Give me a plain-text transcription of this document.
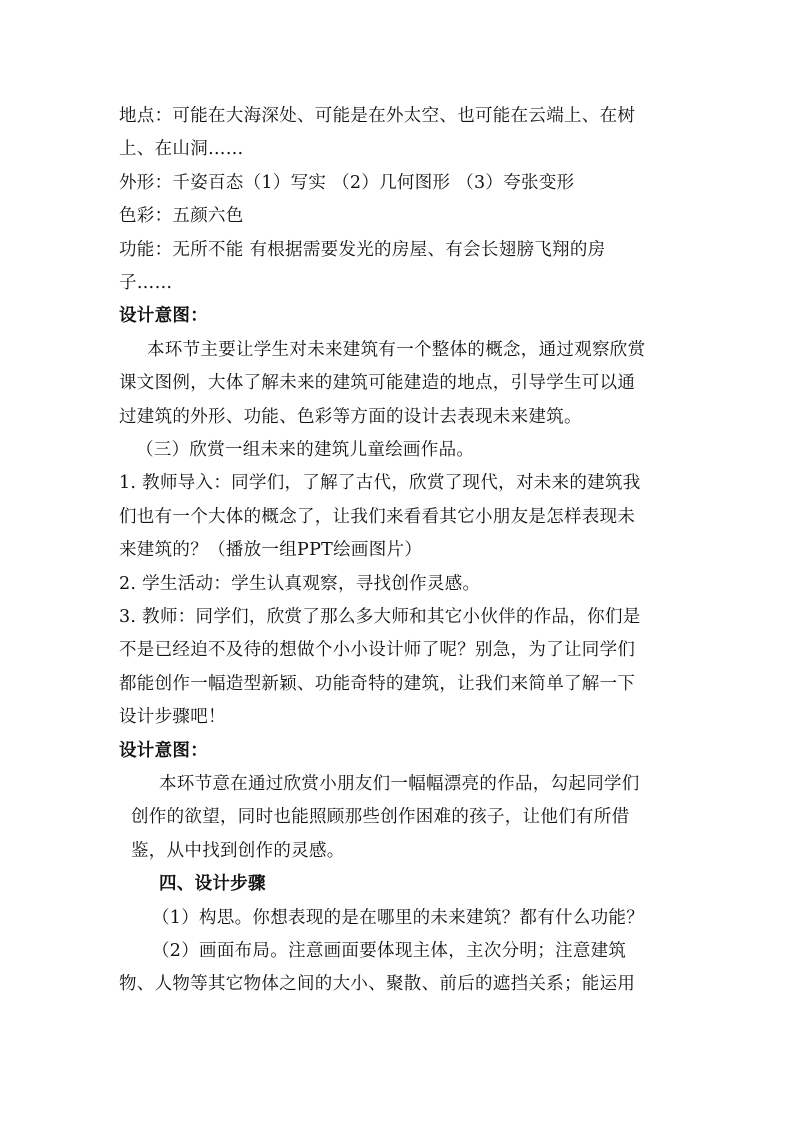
地点：可能在大海深处、可能是在外太空、也可能在云端上、在树
上、在山洞……
外形：千姿百态（1）写实 （2）几何图形 （3）夸张变形
色彩：五颜六色
功能：无所不能 有根据需要发光的房屋、有会长翅膀飞翔的房
子……
设计意图：
本环节主要让学生对未来建筑有一个整体的概念，通过观察欣赏
课文图例，大体了解未来的建筑可能建造的地点，引导学生可以通
过建筑的外形、功能、色彩等方面的设计去表现未来建筑。
（三）欣赏一组未来的建筑儿童绘画作品。
1. 教师导入：同学们，了解了古代，欣赏了现代，对未来的建筑我
们也有一个大体的概念了，让我们来看看其它小朋友是怎样表现未
来建筑的？（播放一组PPT绘画图片）
2. 学生活动：学生认真观察，寻找创作灵感。
3. 教师：同学们，欣赏了那么多大师和其它小伙伴的作品，你们是
不是已经迫不及待的想做个小小设计师了呢？别急，为了让同学们
都能创作一幅造型新颖、功能奇特的建筑，让我们来简单了解一下
设计步骤吧！
设计意图：
本环节意在通过欣赏小朋友们一幅幅漂亮的作品，勾起同学们
创作的欲望，同时也能照顾那些创作困难的孩子，让他们有所借
鉴，从中找到创作的灵感。
四、设计步骤
（1）构思。你想表现的是在哪里的未来建筑？都有什么功能？
（2）画面布局。注意画面要体现主体，主次分明；注意建筑
物、人物等其它物体之间的大小、聚散、前后的遮挡关系；能运用
